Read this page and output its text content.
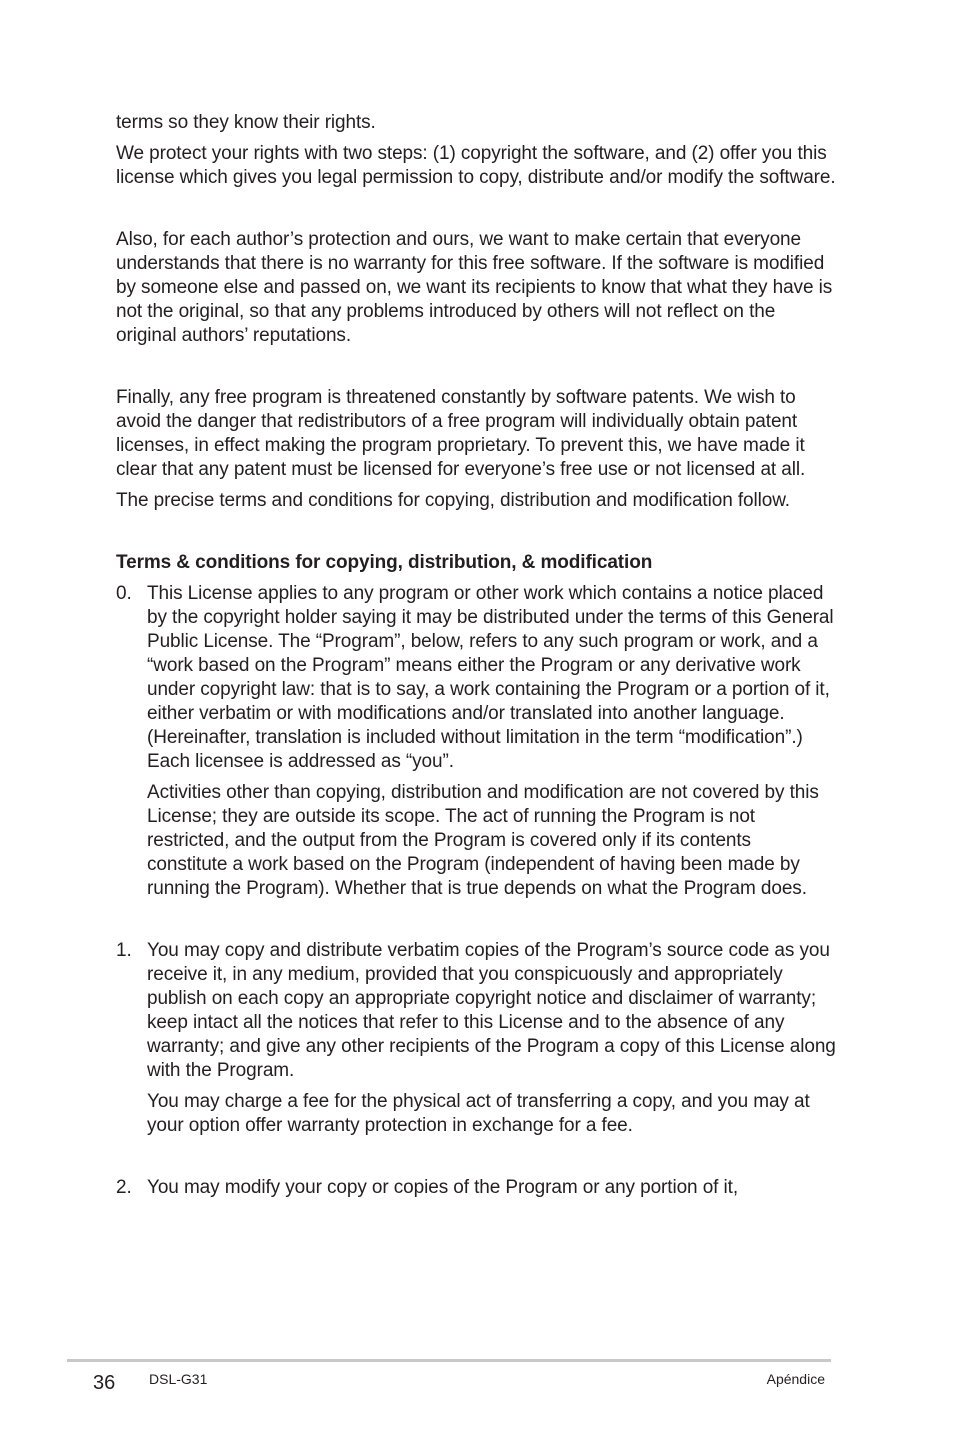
terms so they know their rights.

We protect your rights with two steps: (1) copyright the software, and (2) offer you this license which gives you legal permission to copy, distribute and/or modify the software.

Also, for each author’s protection and ours, we want to make certain that everyone understands that there is no warranty for this free software. If the software is modified by someone else and passed on, we want its recipients to know that what they have is not the original, so that any problems introduced by others will not reflect on the original authors’ reputations.

Finally, any free program is threatened constantly by software patents. We wish to avoid the danger that redistributors of a free program will individually obtain patent licenses, in effect making the program proprietary. To prevent this, we have made it clear that any patent must be licensed for everyone’s free use or not licensed at all.

The precise terms and conditions for copying, distribution and modification follow.

Terms & conditions for copying, distribution, & modification

0. This License applies to any program or other work which contains a notice placed by the copyright holder saying it may be distributed under the terms of this General Public License. The “Program”, below, refers to any such program or work, and a “work based on the Program” means either the Program or any derivative work under copyright law: that is to say, a work containing the Program or a portion of it, either verbatim or with modifications and/or translated into another language. (Hereinafter, translation is included without limitation in the term “modification”.) Each licensee is addressed as “you”.

Activities other than copying, distribution and modification are not covered by this License; they are outside its scope. The act of running the Program is not restricted, and the output from the Program is covered only if its contents constitute a work based on the Program (independent of having been made by running the Program). Whether that is true depends on what the Program does.

1. You may copy and distribute verbatim copies of the Program’s source code as you receive it, in any medium, provided that you conspicuously and appropriately publish on each copy an appropriate copyright notice and disclaimer of warranty; keep intact all the notices that refer to this License and to the absence of any warranty; and give any other recipients of the Program a copy of this License along with the Program.

You may charge a fee for the physical act of transferring a copy, and you may at your option offer warranty protection in exchange for a fee.

2. You may modify your copy or copies of the Program or any portion of it,
36 DSL-G31	Apéndice
